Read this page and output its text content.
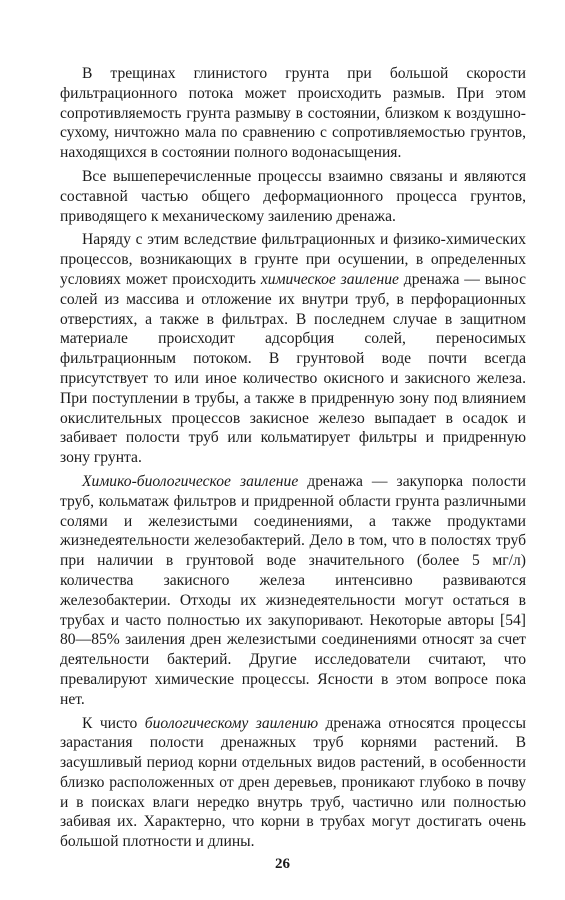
В трещинах глинистого грунта при большой скорости фильтрационного потока может происходить размыв. При этом сопротивляемость грунта размыву в состоянии, близком к воздушно-сухому, ничтожно мала по сравнению с сопротивляемостью грунтов, находящихся в состоянии полного водонасыщения.

Все вышеперечисленные процессы взаимно связаны и являются составной частью общего деформационного процесса грунтов, приводящего к механическому заилению дренажа.

Наряду с этим вследствие фильтрационных и физико-химических процессов, возникающих в грунте при осушении, в определенных условиях может происходить химическое заиление дренажа — вынос солей из массива и отложение их внутри труб, в перфорационных отверстиях, а также в фильтрах. В последнем случае в защитном материале происходит адсорбция солей, переносимых фильтрационным потоком. В грунтовой воде почти всегда присутствует то или иное количество окисного и закисного железа. При поступлении в трубы, а также в придренную зону под влиянием окислительных процессов закисное железо выпадает в осадок и забивает полости труб или кольматирует фильтры и придренную зону грунта.

Химико-биологическое заиление дренажа — закупорка полости труб, кольматаж фильтров и придренной области грунта различными солями и железистыми соединениями, а также продуктами жизнедеятельности железобактерий. Дело в том, что в полостях труб при наличии в грунтовой воде значительного (более 5 мг/л) количества закисного железа интенсивно развиваются железобактерии. Отходы их жизнедеятельности могут остаться в трубах и часто полностью их закупоривают. Некоторые авторы [54] 80—85% заиления дрен железистыми соединениями относят за счет деятельности бактерий. Другие исследователи считают, что превалируют химические процессы. Ясности в этом вопросе пока нет.

К чисто биологическому заилению дренажа относятся процессы зарастания полости дренажных труб корнями растений. В засушливый период корни отдельных видов растений, в особенности близко расположенных от дрен деревьев, проникают глубоко в почву и в поисках влаги нередко внутрь труб, частично или полностью забивая их. Характерно, что корни в трубах могут достигать очень большой плотности и длины.

26
